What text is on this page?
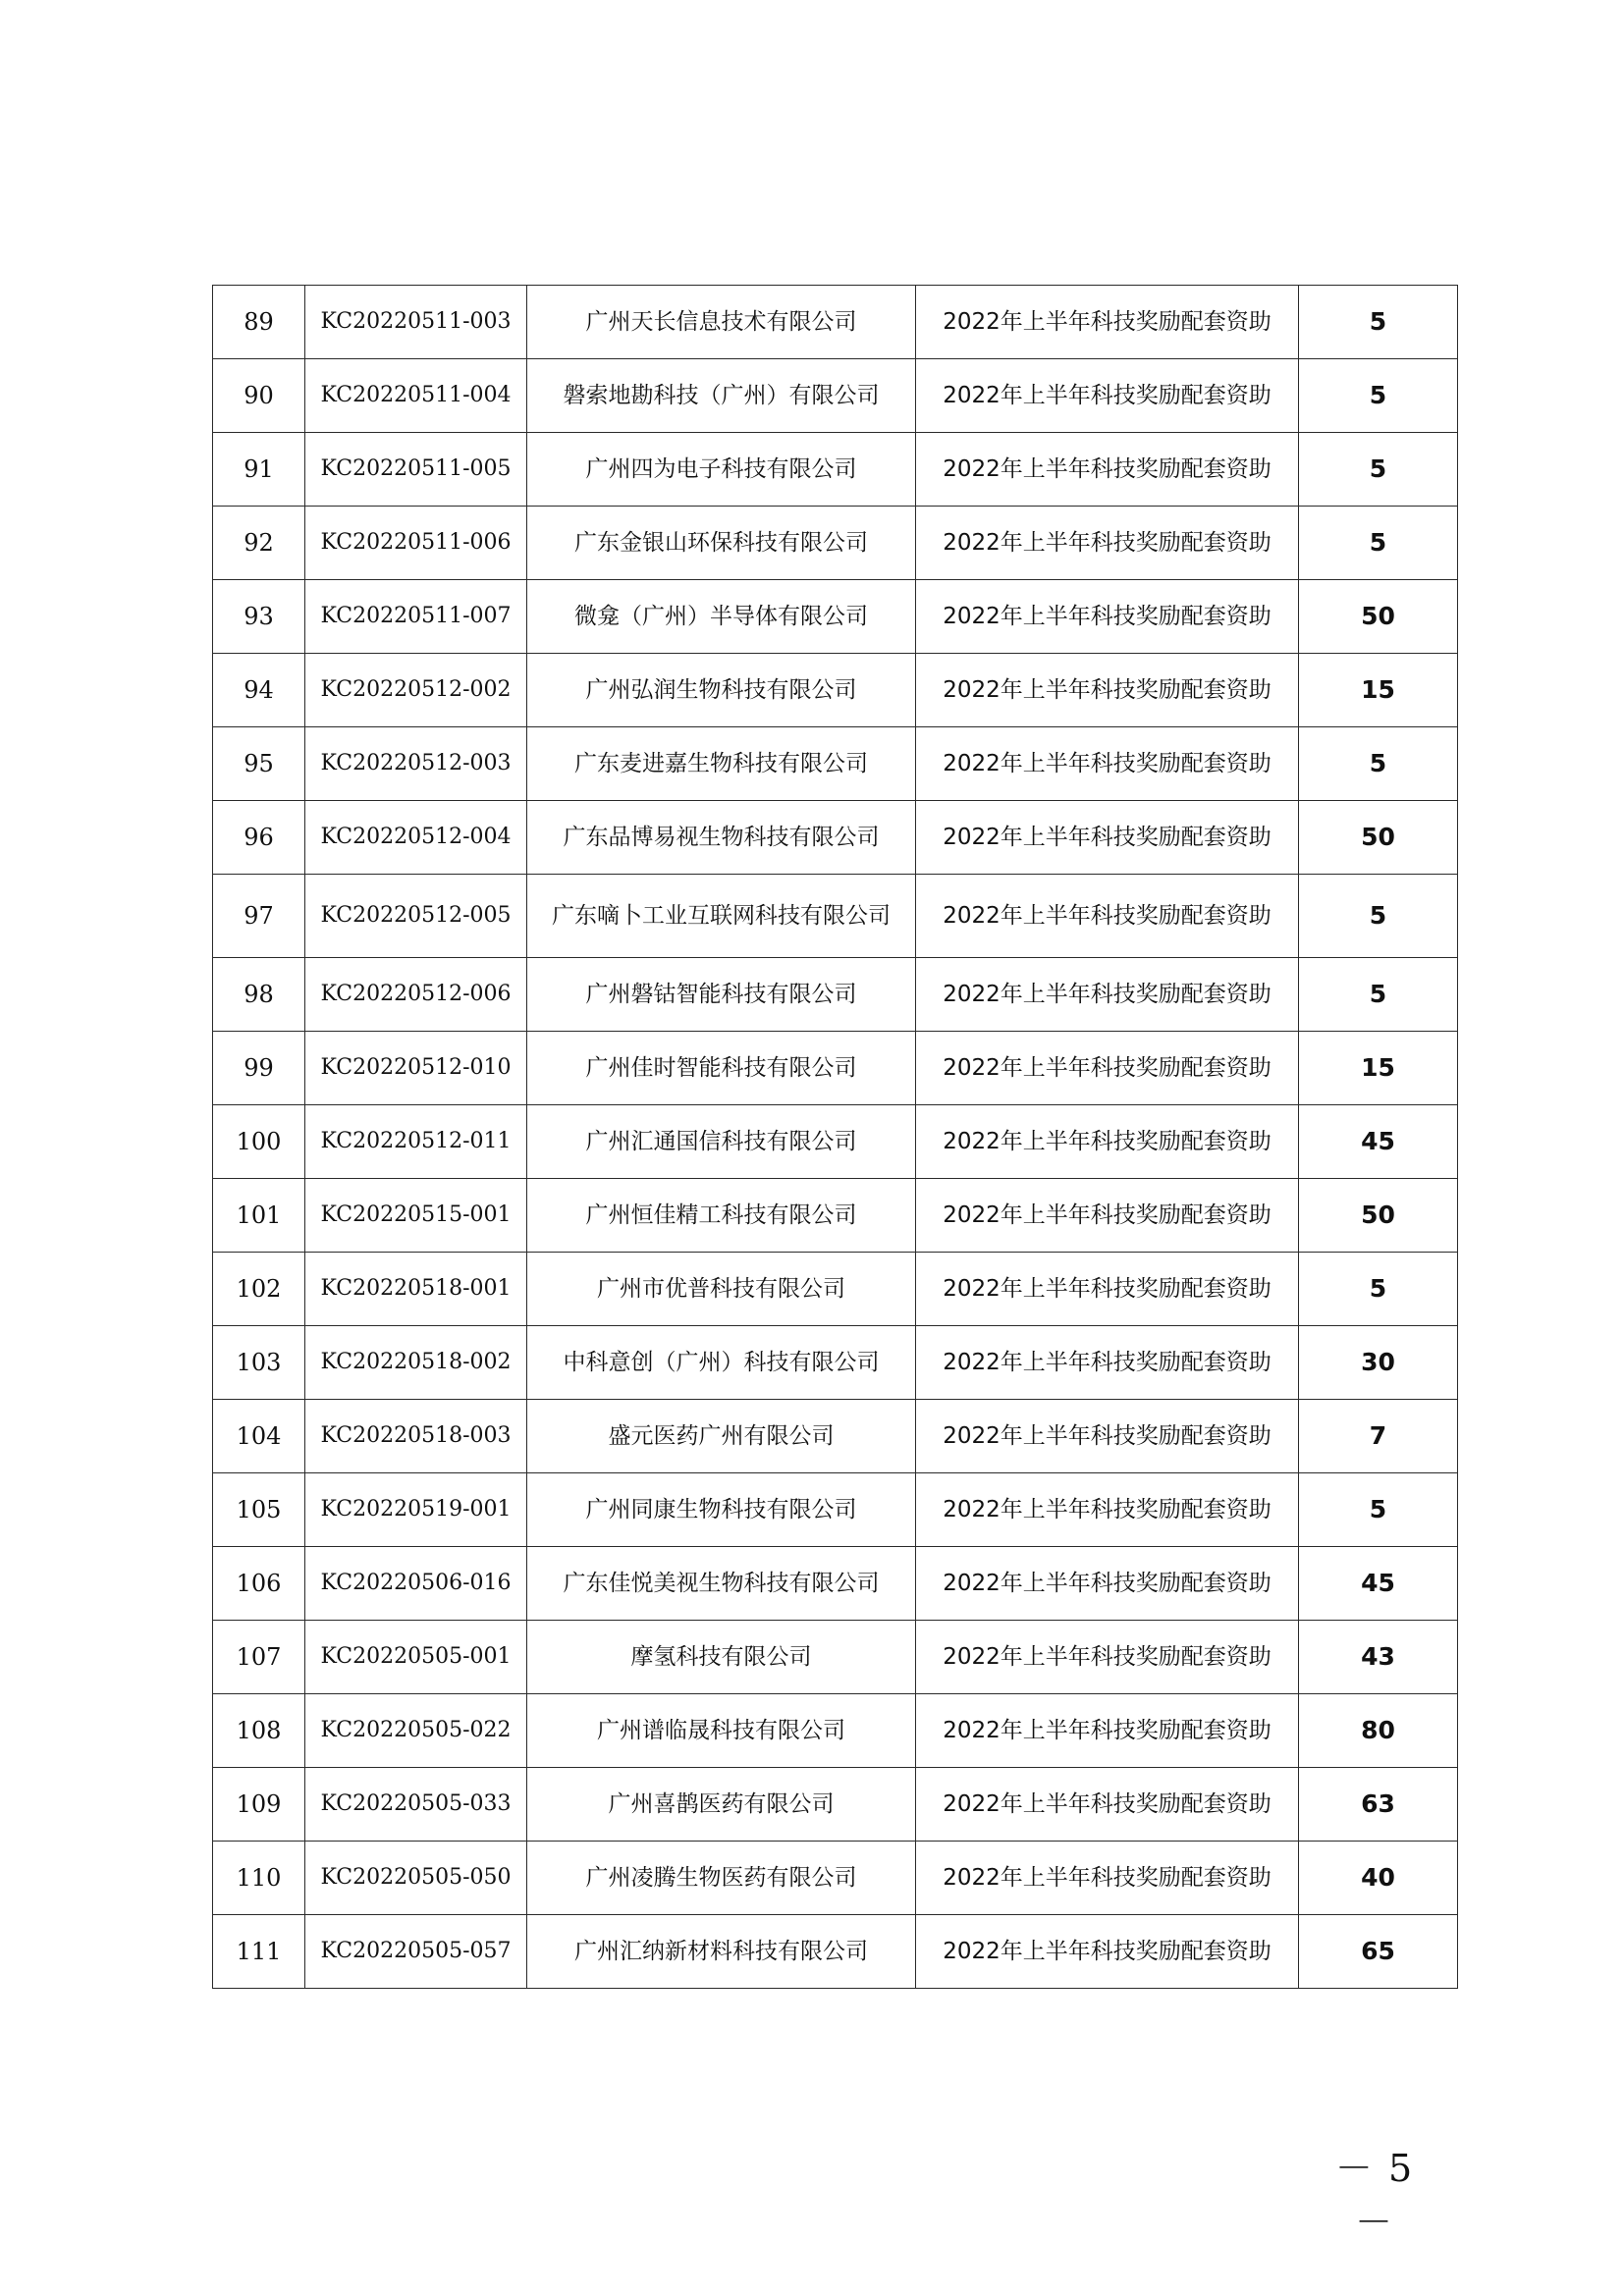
89	KC20220511-003	广州天长信息技术有限公司	2022年上半年科技奖励配套资助	5
90	KC20220511-004	磐索地勘科技（广州）有限公司	2022年上半年科技奖励配套资助	5
91	KC20220511-005	广州四为电子科技有限公司	2022年上半年科技奖励配套资助	5
92	KC20220511-006	广东金银山环保科技有限公司	2022年上半年科技奖励配套资助	5
93	KC20220511-007	微龛（广州）半导体有限公司	2022年上半年科技奖励配套资助	50
94	KC20220512-002	广州弘润生物科技有限公司	2022年上半年科技奖励配套资助	15
95	KC20220512-003	广东麦进嘉生物科技有限公司	2022年上半年科技奖励配套资助	5
96	KC20220512-004	广东品博易视生物科技有限公司	2022年上半年科技奖励配套资助	50
97	KC20220512-005	广东嘀卜工业互联网科技有限公司	2022年上半年科技奖励配套资助	5
98	KC20220512-006	广州磐钴智能科技有限公司	2022年上半年科技奖励配套资助	5
99	KC20220512-010	广州佳时智能科技有限公司	2022年上半年科技奖励配套资助	15
100	KC20220512-011	广州汇通国信科技有限公司	2022年上半年科技奖励配套资助	45
101	KC20220515-001	广州恒佳精工科技有限公司	2022年上半年科技奖励配套资助	50
102	KC20220518-001	广州市优普科技有限公司	2022年上半年科技奖励配套资助	5
103	KC20220518-002	中科意创（广州）科技有限公司	2022年上半年科技奖励配套资助	30
104	KC20220518-003	盛元医药广州有限公司	2022年上半年科技奖励配套资助	7
105	KC20220519-001	广州同康生物科技有限公司	2022年上半年科技奖励配套资助	5
106	KC20220506-016	广东佳悦美视生物科技有限公司	2022年上半年科技奖励配套资助	45
107	KC20220505-001	摩氢科技有限公司	2022年上半年科技奖励配套资助	43
108	KC20220505-022	广州谱临晟科技有限公司	2022年上半年科技奖励配套资助	80
109	KC20220505-033	广州喜鹊医药有限公司	2022年上半年科技奖励配套资助	63
110	KC20220505-050	广州凌腾生物医药有限公司	2022年上半年科技奖励配套资助	40
111	KC20220505-057	广州汇纳新材料科技有限公司	2022年上半年科技奖励配套资助	65
－ 5 －
